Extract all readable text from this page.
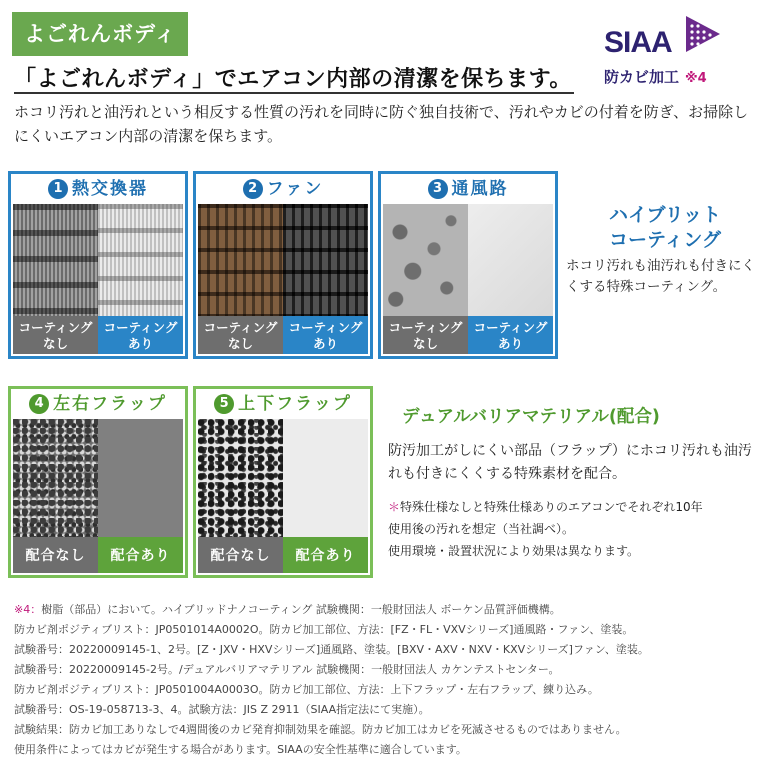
よごれんボディ	SIAA
防カビ加工 ※4
「よごれんボディ」でエアコン内部の清潔を保ちます。
ホコリ汚れと油汚れという相反する性質の汚れを同時に防ぐ独自技術で、汚れやカビの付着を防ぎ、お掃除しにくいエアコン内部の清潔を保ちます。
1 熱交換器
コーティング
なし
コーティング
あり
2 ファン
コーティング
なし
コーティング
あり
3 通風路
コーティング
なし
コーティング
あり
ハイブリット
コーティング
ホコリ汚れも油汚れも付きにくくする特殊コーティング。
4 左右フラップ
配合なし	配合あり
5 上下フラップ
配合なし	配合あり
デュアルバリアマテリアル(配合)
防汚加工がしにくい部品（フラップ）にホコリ汚れも油汚れも付きにくくする特殊素材を配合。
＊特殊仕様なしと特殊仕様ありのエアコンでそれぞれ10年
使用後の汚れを想定（当社調べ）。
使用環境・設置状況により効果は異なります。

※4：樹脂（部品）において。ハイブリッドナノコーティング 試験機関：一般財団法人 ボーケン品質評価機構。

防カビ剤ポジティブリスト：JP0501014A0002O。防カビ加工部位、方法：[FZ・FL・VXVシリーズ]通風路・ファン、塗装。

試験番号：20220009145-1、2号。[Z・JXV・HXVシリーズ]通風路、塗装。[BXV・AXV・NXV・KXVシリーズ]ファン、塗装。

試験番号：20220009145-2号。/デュアルバリアマテリアル 試験機関：一般財団法人 カケンテストセンター。

防カビ剤ポジティブリスト：JP0501004A0003O。防カビ加工部位、方法：上下フラップ・左右フラップ、練り込み。

試験番号：OS-19-058713-3、4。試験方法：JIS Z 2911（SIAA指定法にて実施）。

試験結果：防カビ加工ありなしで4週間後のカビ発育抑制効果を確認。防カビ加工はカビを死滅させるものではありません。

使用条件によってはカビが発生する場合があります。SIAAの安全性基準に適合しています。
